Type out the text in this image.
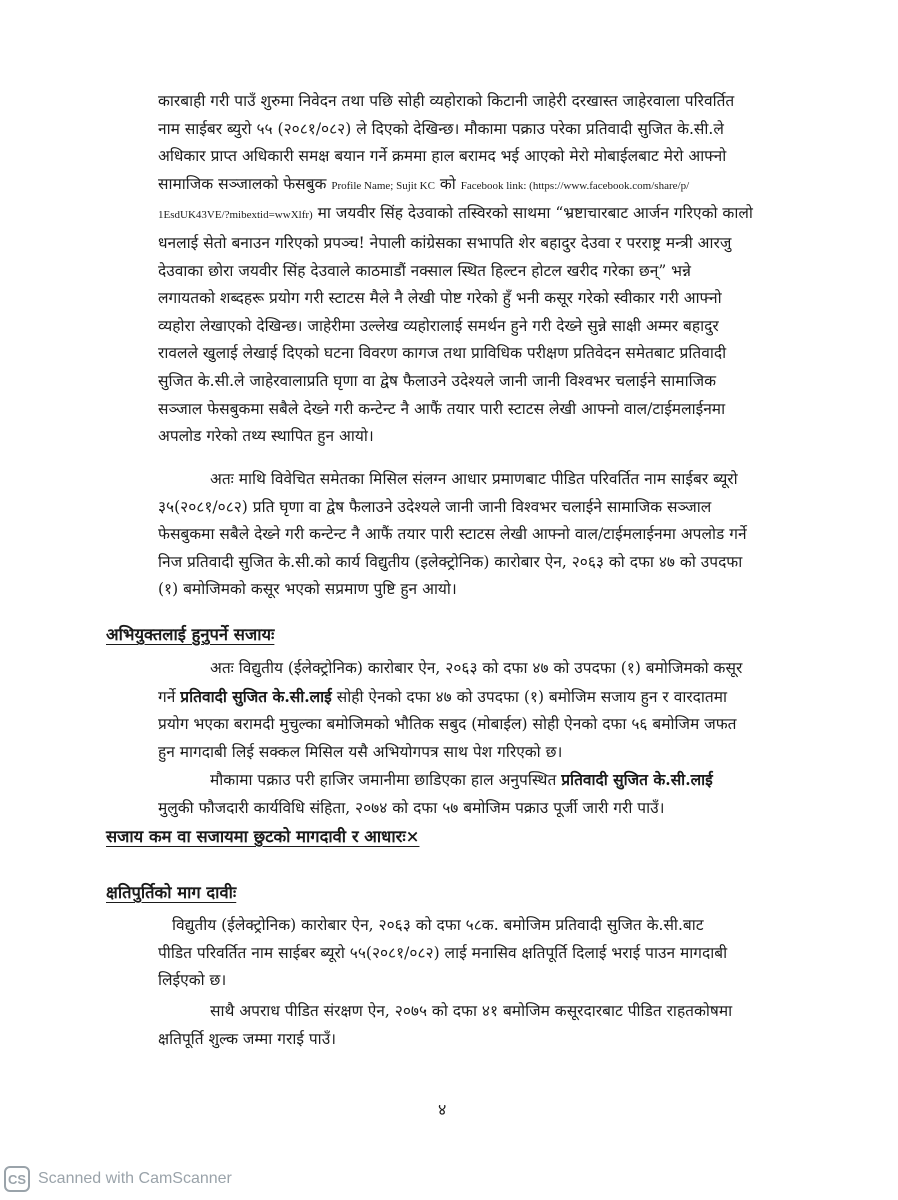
कारबाही गरी पाउँ शुरुमा निवेदन तथा पछि सोही व्यहोराको किटानी जाहेरी दरखास्त जाहेरवाला परिवर्तित
नाम साईबर ब्युरो ५५ (२०८१/०८२) ले दिएको देखिन्छ। मौकामा पक्राउ परेका प्रतिवादी सुजित के.सी.ले
अधिकार प्राप्त अधिकारी समक्ष बयान गर्ने क्रममा हाल बरामद भई आएको मेरो मोबाईलबाट मेरो आफ्नो
सामाजिक सञ्जालको फेसबुक Profile Name; Sujit KC को Facebook link: (https://www.facebook.com/share/p/
1EsdUK43VE/?mibextid=wwXlfr) मा जयवीर सिंह देउवाको तस्विरको साथमा “भ्रष्टाचारबाट आर्जन गरिएको कालो
धनलाई सेतो बनाउन गरिएको प्रपञ्च! नेपाली कांग्रेसका सभापति शेर बहादुर देउवा र परराष्ट्र मन्त्री आरजु
देउवाका छोरा जयवीर सिंह देउवाले काठमाडौं नक्साल स्थित हिल्टन होटल खरीद गरेका छन्” भन्ने
लगायतको शब्दहरू प्रयोग गरी स्टाटस मैले नै लेखी पोष्ट गरेको हुँ भनी कसूर गरेको स्वीकार गरी आफ्नो
व्यहोरा लेखाएको देखिन्छ। जाहेरीमा उल्लेख व्यहोरालाई समर्थन हुने गरी देख्ने सुन्ने साक्षी अम्मर बहादुर
रावलले खुलाई लेखाई दिएको घटना विवरण कागज तथा प्राविधिक परीक्षण प्रतिवेदन समेतबाट प्रतिवादी
सुजित के.सी.ले जाहेरवालाप्रति घृणा वा द्वेष फैलाउने उदेश्यले जानी जानी विश्वभर चलाईने सामाजिक
सञ्जाल फेसबुकमा सबैले देख्ने गरी कन्टेन्ट नै आफैं तयार पारी स्टाटस लेखी आफ्नो वाल/टाईमलाईनमा
अपलोड गरेको तथ्य स्थापित हुन आयो।
अतः माथि विवेचित समेतका मिसिल संलग्न आधार प्रमाणबाट पीडित परिवर्तित नाम साईबर ब्यूरो
३५(२०८१/०८२) प्रति घृणा वा द्वेष फैलाउने उदेश्यले जानी जानी विश्वभर चलाईने सामाजिक सञ्जाल
फेसबुकमा सबैले देख्ने गरी कन्टेन्ट नै आफैं तयार पारी स्टाटस लेखी आफ्नो वाल/टाईमलाईनमा अपलोड गर्ने
निज प्रतिवादी सुजित के.सी.को कार्य विद्युतीय (इलेक्ट्रोनिक) कारोबार ऐन, २०६३ को दफा ४७ को उपदफा
(१) बमोजिमको कसूर भएको सप्रमाण पुष्टि हुन आयो।
अभियुक्तलाई हुनुपर्ने सजायः
अतः विद्युतीय (ईलेक्ट्रोनिक) कारोबार ऐन, २०६३ को दफा ४७ को उपदफा (१) बमोजिमको कसूर
गर्ने प्रतिवादी सुजित के.सी.लाई सोही ऐनको दफा ४७ को उपदफा (१) बमोजिम सजाय हुन र वारदातमा
प्रयोग भएका बरामदी मुचुल्का बमोजिमको भौतिक सबुद (मोबाईल) सोही ऐनको दफा ५६ बमोजिम जफत
हुन मागदाबी लिई सक्कल मिसिल यसै अभियोगपत्र साथ पेश गरिएको छ।
मौकामा पक्राउ परी हाजिर जमानीमा छाडिएका हाल अनुपस्थित प्रतिवादी सुजित के.सी.लाई
मुलुकी फौजदारी कार्यविधि संहिता, २०७४ को दफा ५७ बमोजिम पक्राउ पूर्जी जारी गरी पाउँ।
सजाय कम वा सजायमा छुटको मागदावी र आधारः×
क्षतिपुर्तिको माग दावीः
विद्युतीय (ईलेक्ट्रोनिक) कारोबार ऐन, २०६३ को दफा ५८क. बमोजिम प्रतिवादी सुजित के.सी.बाट
पीडित परिवर्तित नाम साईबर ब्यूरो ५५(२०८१/०८२) लाई मनासिव क्षतिपूर्ति दिलाई भराई पाउन मागदाबी
लिईएको छ।
साथै अपराध पीडित संरक्षण ऐन, २०७५ को दफा ४१ बमोजिम कसूरदारबाट पीडित राहतकोषमा
क्षतिपूर्ति शुल्क जम्मा गराई पाउँ।
४
CS Scanned with CamScanner
